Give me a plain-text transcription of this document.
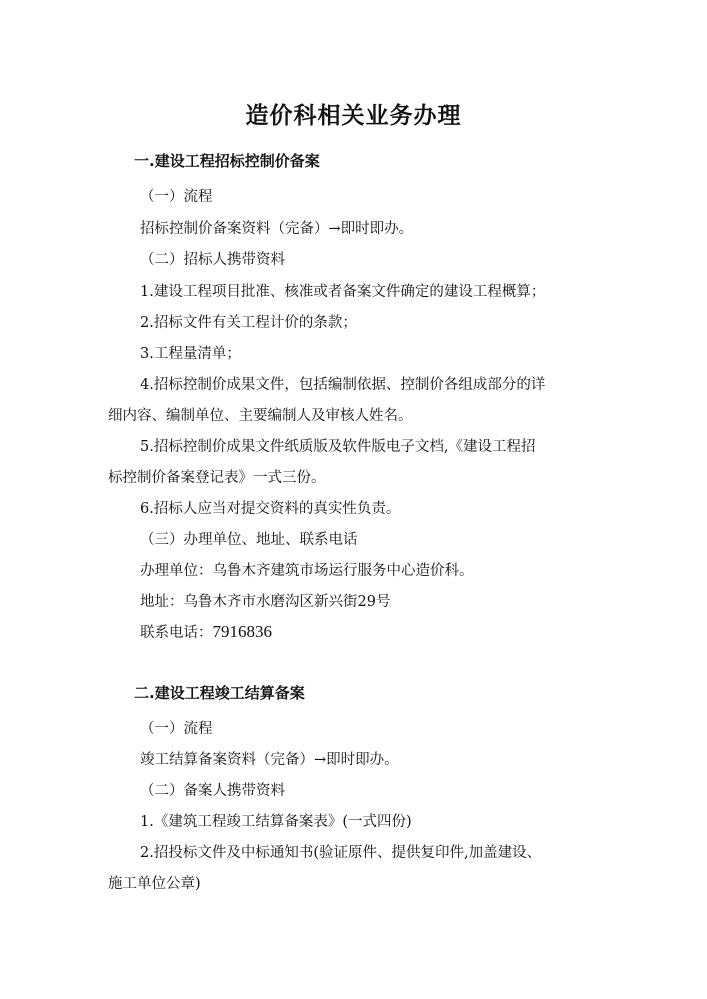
造价科相关业务办理
一.建设工程招标控制价备案
（一）流程
招标控制价备案资料（完备）→即时即办。
（二）招标人携带资料
1.建设工程项目批准、核准或者备案文件确定的建设工程概算；
2.招标文件有关工程计价的条款；
3.工程量清单；
4.招标控制价成果文件，包括编制依据、控制价各组成部分的详
细内容、编制单位、主要编制人及审核人姓名。
5.招标控制价成果文件纸质版及软件版电子文档,《建设工程招
标控制价备案登记表》一式三份。
6.招标人应当对提交资料的真实性负责。
（三）办理单位、地址、联系电话
办理单位：乌鲁木齐建筑市场运行服务中心造价科。
地址：乌鲁木齐市水磨沟区新兴街29号
联系电话：7916836
二.建设工程竣工结算备案
（一）流程
竣工结算备案资料（完备）→即时即办。
（二）备案人携带资料
1.《建筑工程竣工结算备案表》(一式四份)
2.招投标文件及中标通知书(验证原件、提供复印件,加盖建设、
施工单位公章)
